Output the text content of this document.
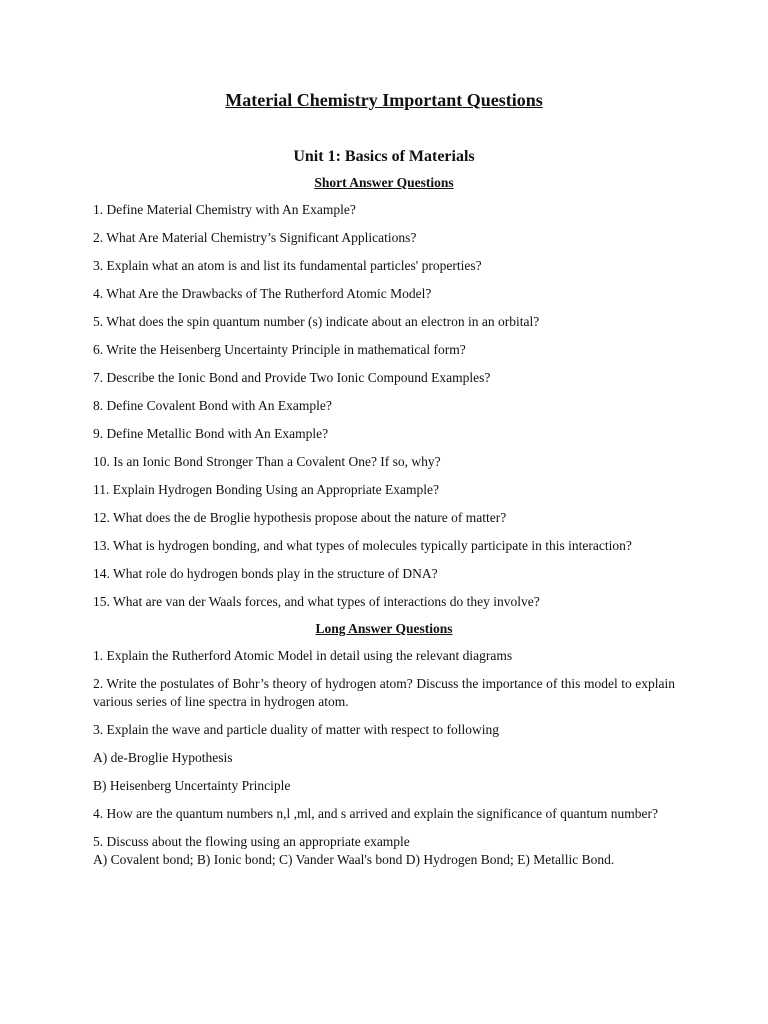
Material Chemistry Important Questions
Unit 1: Basics of Materials
Short Answer Questions

1. Define Material Chemistry with An Example?

2. What Are Material Chemistry’s Significant Applications?

3. Explain what an atom is and list its fundamental particles' properties?

4. What Are the Drawbacks of The Rutherford Atomic Model?

5. What does the spin quantum number (s) indicate about an electron in an orbital?

6. Write the Heisenberg Uncertainty Principle in mathematical form?

7. Describe the Ionic Bond and Provide Two Ionic Compound Examples?

8. Define Covalent Bond with An Example?

9. Define Metallic Bond with An Example?

10. Is an Ionic Bond Stronger Than a Covalent One? If so, why?

11. Explain Hydrogen Bonding Using an Appropriate Example?

12. What does the de Broglie hypothesis propose about the nature of matter?

13. What is hydrogen bonding, and what types of molecules typically participate in this interaction?

14. What role do hydrogen bonds play in the structure of DNA?

15. What are van der Waals forces, and what types of interactions do they involve?

Long Answer Questions

1. Explain the Rutherford Atomic Model in detail using the relevant diagrams

2. Write the postulates of Bohr’s theory of hydrogen atom? Discuss the importance of this model to explain various series of line spectra in hydrogen atom.

3. Explain the wave and particle duality of matter with respect to following

A) de-Broglie Hypothesis

B) Heisenberg Uncertainty Principle

4. How are the quantum numbers n,l ,ml, and s arrived and explain the significance of quantum number?

5. Discuss about the flowing using an appropriate example

A) Covalent bond; B) Ionic bond; C) Vander Waal's bond D) Hydrogen Bond; E) Metallic Bond.
